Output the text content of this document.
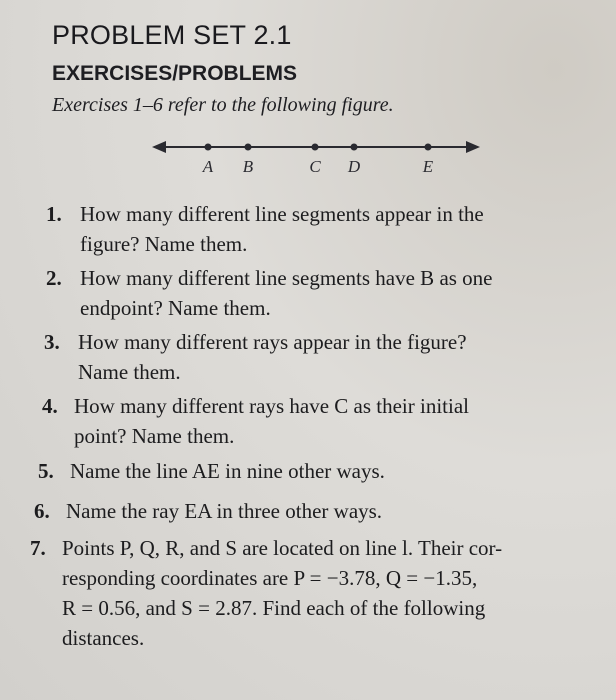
PROBLEM SET 2.1
EXERCISES/PROBLEMS
Exercises 1–6 refer to the following figure.
A B	C D	E
1. How many different line segments appear in the
figure? Name them.
2. How many different line segments have B as one
endpoint? Name them.
3. How many different rays appear in the figure?
Name them.
4. How many different rays have C as their initial
point? Name them.
5. Name the line AE in nine other ways.
6. Name the ray EA in three other ways.
7. Points P, Q, R, and S are located on line l. Their cor-
responding coordinates are P = −3.78, Q = −1.35,
R = 0.56, and S = 2.87. Find each of the following
distances.
